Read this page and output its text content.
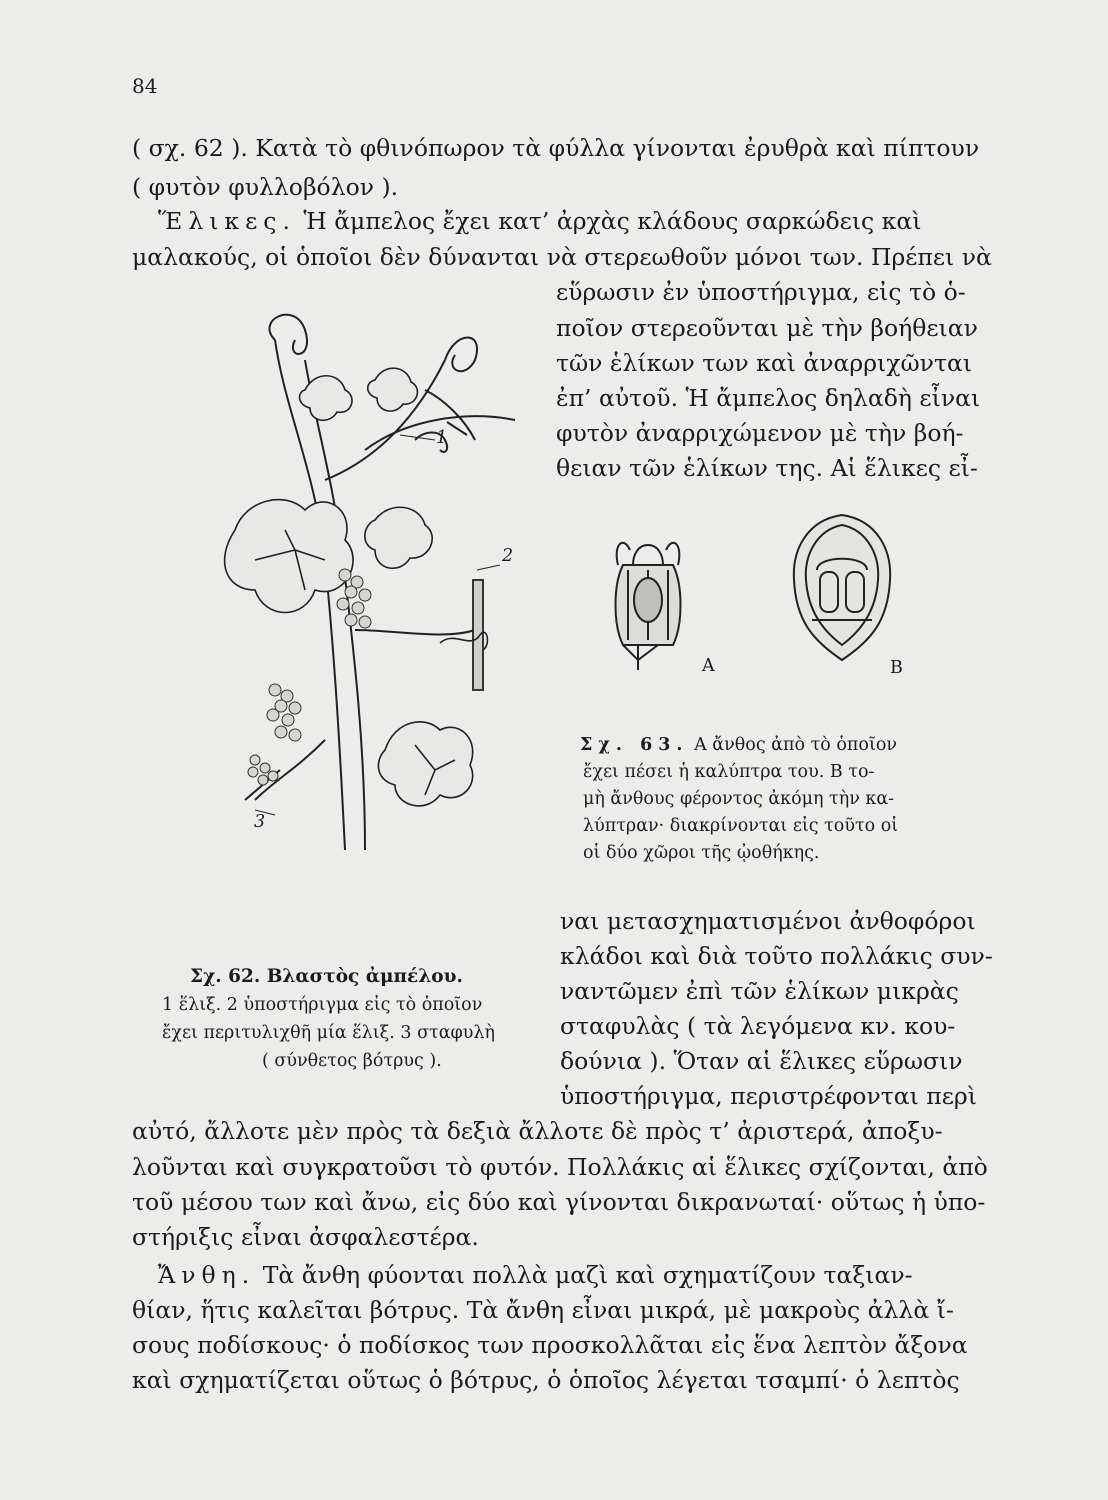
84
( σχ. 62 ). Κατὰ τὸ φθινόπωρον τὰ φύλλα γίνονται ἐρυθρὰ καὶ πίπτουν
( φυτὸν φυλλοβόλον ).
Ἕλικες. Ἡ ἄμπελος ἔχει κατ’ ἀρχὰς κλάδους σαρκώδεις καὶ
μαλακούς, οἱ ὁποῖοι δὲν δύνανται νὰ στερεωθοῦν μόνοι των. Πρέπει νὰ
εὕρωσιν ἐν ὑποστήριγμα, εἰς τὸ ὁ-
ποῖον στερεοῦνται μὲ τὴν βοήθειαν
τῶν ἑλίκων των καὶ ἀναρριχῶνται
ἐπ’ αὐτοῦ. Ἡ ἄμπελος δηλαδὴ εἶναι
φυτὸν ἀναρριχώμενον μὲ τὴν βοή-
θειαν τῶν ἑλίκων της. Αἱ ἕλικες εἶ-
1
2
3
Α	Β
Σχ. 63. Α ἄνθος ἀπὸ τὸ ὁποῖον
ἔχει πέσει ἡ καλύπτρα του. Β το-
μὴ ἄνθους φέροντος ἀκόμη τὴν κα-
λύπτραν· διακρίνονται εἰς τοῦτο οἱ
οἱ δύο χῶροι τῆς ᾠοθήκης.
ναι μετασχηματισμένοι ἀνθοφόροι
κλάδοι καὶ διὰ τοῦτο πολλάκις συν-
ναντῶμεν ἐπὶ τῶν ἑλίκων μικρὰς
σταφυλὰς ( τὰ λεγόμενα κν. κου-
δούνια ). Ὅταν αἱ ἕλικες εὕρωσιν
ὑποστήριγμα, περιστρέφονται περὶ
Σχ. 62. Βλαστὸς ἀμπέλου.
1 ἕλιξ. 2 ὑποστήριγμα εἰς τὸ ὁποῖον
ἔχει περιτυλιχθῆ μία ἕλιξ. 3 σταφυλὴ
( σύνθετος βότρυς ).
αὐτό, ἄλλοτε μὲν πρὸς τὰ δεξιὰ ἄλλοτε δὲ πρὸς τ’ ἀριστερά, ἀποξυ-
λοῦνται καὶ συγκρατοῦσι τὸ φυτόν. Πολλάκις αἱ ἕλικες σχίζονται, ἀπὸ
τοῦ μέσου των καὶ ἄνω, εἰς δύο καὶ γίνονται δικρανωταί· οὕτως ἡ ὑπο-
στήριξις εἶναι ἀσφαλεστέρα.
Ἄνθη. Τὰ ἄνθη φύονται πολλὰ μαζὶ καὶ σχηματίζουν ταξιαν-
θίαν, ἥτις καλεῖται βότρυς. Τὰ ἄνθη εἶναι μικρά, μὲ μακροὺς ἀλλὰ ἴ-
σους ποδίσκους· ὁ ποδίσκος των προσκολλᾶται εἰς ἕνα λεπτὸν ἄξονα
καὶ σχηματίζεται οὕτως ὁ βότρυς, ὁ ὁποῖος λέγεται τσαμπί· ὁ λεπτὸς
